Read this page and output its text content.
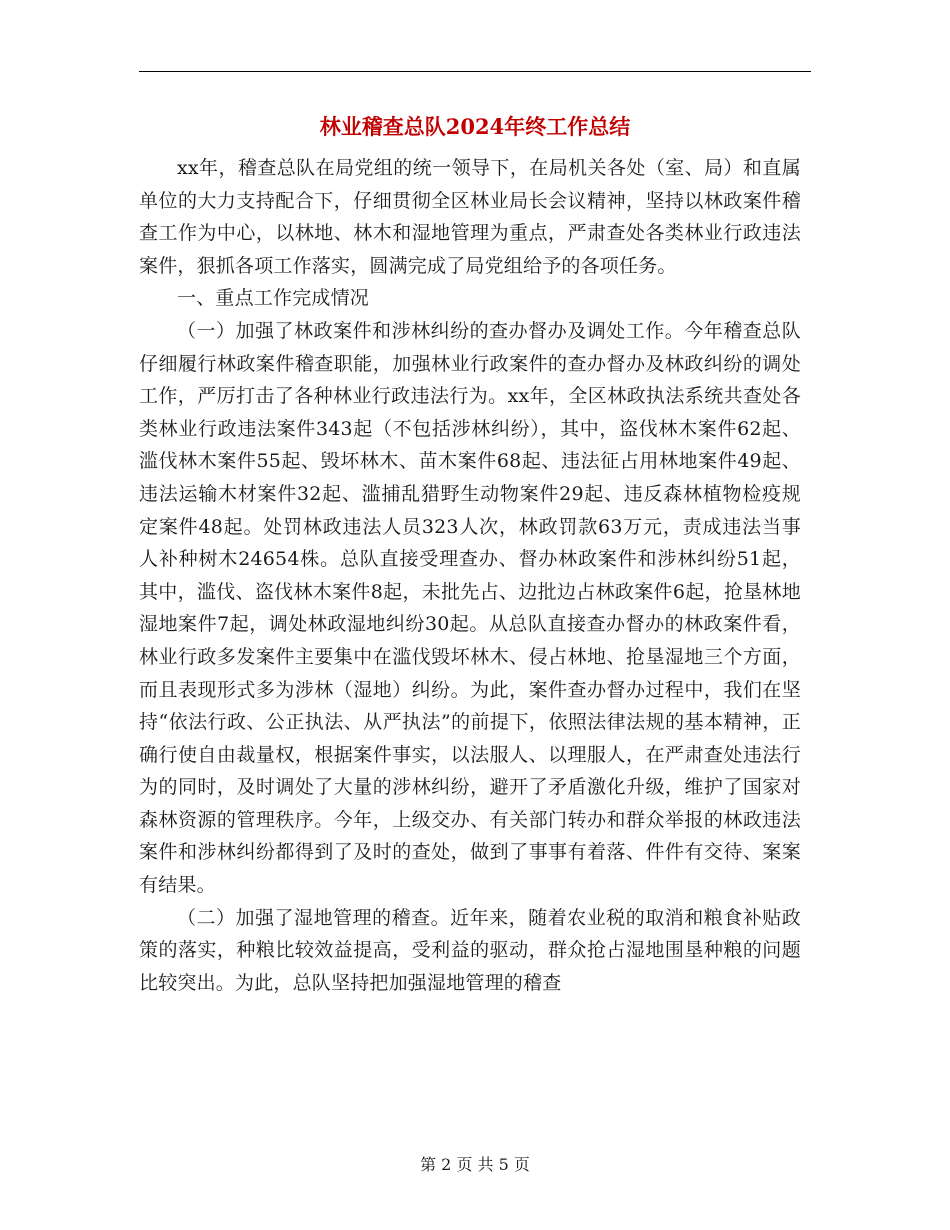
林业稽查总队2024年终工作总结

xx年，稽查总队在局党组的统一领导下，在局机关各处（室、局）和直属单位的大力支持配合下，仔细贯彻全区林业局长会议精神，坚持以林政案件稽查工作为中心，以林地、林木和湿地管理为重点，严肃查处各类林业行政违法案件，狠抓各项工作落实，圆满完成了局党组给予的各项任务。

一、重点工作完成情况

（一）加强了林政案件和涉林纠纷的查办督办及调处工作。今年稽查总队仔细履行林政案件稽查职能，加强林业行政案件的查办督办及林政纠纷的调处工作，严厉打击了各种林业行政违法行为。xx年，全区林政执法系统共查处各类林业行政违法案件343起（不包括涉林纠纷），其中，盗伐林木案件62起、滥伐林木案件55起、毁坏林木、苗木案件68起、违法征占用林地案件49起、违法运输木材案件32起、滥捕乱猎野生动物案件29起、违反森林植物检疫规定案件48起。处罚林政违法人员323人次，林政罚款63万元，责成违法当事人补种树木24654株。总队直接受理查办、督办林政案件和涉林纠纷51起，其中，滥伐、盗伐林木案件8起，未批先占、边批边占林政案件6起，抢垦林地湿地案件7起，调处林政湿地纠纷30起。从总队直接查办督办的林政案件看，林业行政多发案件主要集中在滥伐毁坏林木、侵占林地、抢垦湿地三个方面，而且表现形式多为涉林（湿地）纠纷。为此，案件查办督办过程中，我们在坚持“依法行政、公正执法、从严执法”的前提下，依照法律法规的基本精神，正确行使自由裁量权，根据案件事实，以法服人、以理服人，在严肃查处违法行为的同时，及时调处了大量的涉林纠纷，避开了矛盾激化升级，维护了国家对森林资源的管理秩序。今年，上级交办、有关部门转办和群众举报的林政违法案件和涉林纠纷都得到了及时的查处，做到了事事有着落、件件有交待、案案有结果。

（二）加强了湿地管理的稽查。近年来，随着农业税的取消和粮食补贴政策的落实，种粮比较效益提高，受利益的驱动，群众抢占湿地围垦种粮的问题比较突出。为此，总队坚持把加强湿地管理的稽查

第 2 页 共 5 页
